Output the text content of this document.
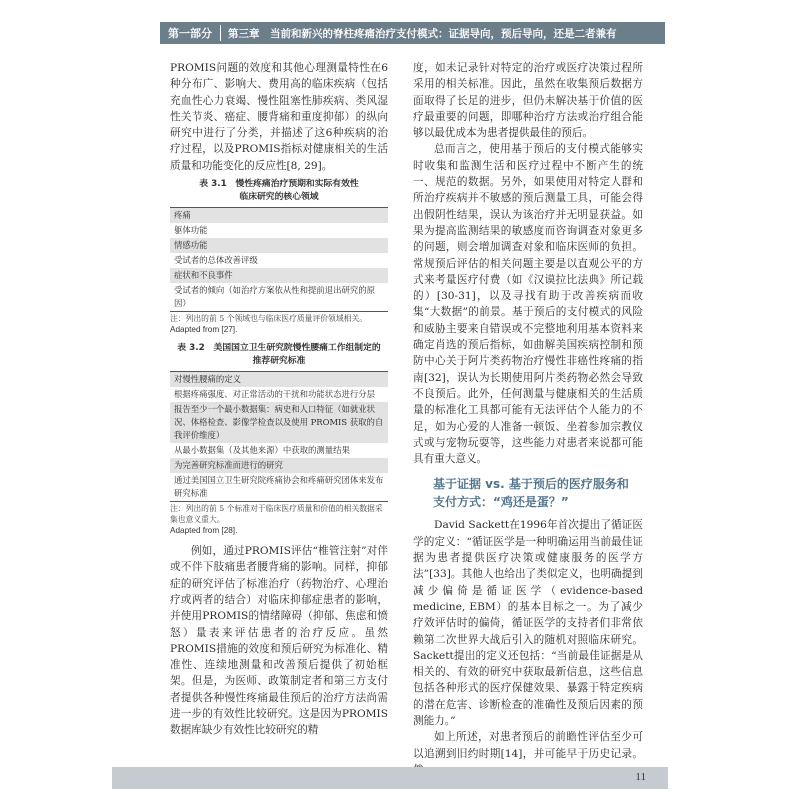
第一部分	第三章　当前和新兴的脊柱疼痛治疗支付模式：证据导向，预后导向，还是二者兼有

PROMIS问题的效度和其他心理测量特性在6种分布广、影响大、费用高的临床疾病（包括充血性心力衰竭、慢性阻塞性肺疾病、类风湿性关节炎、癌症、腰背痛和重度抑郁）的纵向研究中进行了分类，并描述了这6种疾病的治疗过程，以及PROMIS指标对健康相关的生活质量和功能变化的反应性[8, 29]。

表 3.1　慢性疼痛治疗预期和实际有效性
临床研究的核心领域
疼痛
躯体功能
情感功能
受试者的总体改善评级
症状和不良事件
受试者的倾向（如治疗方案依从性和提前退出研究的原因）
注：列出的前 5 个领域也与临床医疗质量评价领域相关。
Adapted from [27].
表 3.2　美国国立卫生研究院慢性腰痛工作组制定的
推荐研究标准
对慢性腰痛的定义
根据疼痛强度、对正常活动的干扰和功能状态进行分层
报告至少一个最小数据集：病史和人口特征（如就业状况、体格检查、影像学检查以及使用 PROMIS 获取的自我评价维度）
从最小数据集（及其他来源）中获取的测量结果
为完善研究标准而进行的研究
通过美国国立卫生研究院疼痛协会和疼痛研究团体来发布研究标准
注：列出的前 5 个标准对于临床医疗质量和价值的相关数据采集也意义重大。
Adapted from [28].

例如，通过PROMIS评估“椎管注射”对伴或不伴下肢痛患者腰背痛的影响。同样，抑郁症的研究评估了标准治疗（药物治疗、心理治疗或两者的结合）对临床抑郁症患者的影响，并使用PROMIS的情绪障碍（抑郁、焦虑和愤怒）量表来评估患者的治疗反应。虽然PROMIS措施的效度和预后研究为标准化、精准性、连续地测量和改善预后提供了初始框架。但是，为医师、政策制定者和第三方支付者提供各种慢性疼痛最佳预后的治疗方法尚需进一步的有效性比较研究。这是因为PROMIS数据库缺少有效性比较研究的精

度，如未记录针对特定的治疗或医疗决策过程所采用的相关标准。因此，虽然在收集预后数据方面取得了长足的进步，但仍未解决基于价值的医疗最重要的问题，即哪种治疗方法或治疗组合能够以最优成本为患者提供最佳的预后。

总而言之，使用基于预后的支付模式能够实时收集和监测生活和医疗过程中不断产生的统一、规范的数据。另外，如果使用对特定人群和所治疗疾病并不敏感的预后测量工具，可能会得出假阴性结果，误认为该治疗并无明显获益。如果为提高监测结果的敏感度而咨询调查对象更多的问题，则会增加调查对象和临床医师的负担。常规预后评估的相关问题主要是以直观公平的方式来考量医疗付费（如《汉谟拉比法典》所记载的）[30-31]，以及寻找有助于改善疾病而收集“大数据”的前景。基于预后的支付模式的风险和威胁主要来自错误或不完整地利用基本资料来确定肖选的预后指标，如曲解美国疾病控制和预防中心关于阿片类药物治疗慢性非癌性疼痛的指南[32]，误认为长期使用阿片类药物必然会导致不良预后。此外，任何测量与健康相关的生活质量的标准化工具都可能有无法评估个人能力的不足，如为心爱的人准备一顿饭、坐着参加宗教仪式或与宠物玩耍等，这些能力对患者来说都可能具有重大意义。

基于证据 vs. 基于预后的医疗服务和
支付方式：“鸡还是蛋？”

David Sackett在1996年首次提出了循证医学的定义：“循证医学是一种明确运用当前最佳证据为患者提供医疗决策或健康服务的医学方法”[33]。其他人也给出了类似定义，也明确提到减少偏倚是循证医学（evidence-based medicine, EBM）的基本目标之一。为了减少疗效评估时的偏倚，循证医学的支持者们非常依赖第二次世界大战后引入的随机对照临床研究。Sackett提出的定义还包括：“当前最佳证据是从相关的、有效的研究中获取最新信息，这些信息包括各种形式的医疗保健效果、暴露于特定疾病的潜在危害、诊断检查的准确性及预后因素的预测能力。”

如上所述，对患者预后的前瞻性评估至少可以追溯到旧约时期[14]，并可能早于历史记录。

11
